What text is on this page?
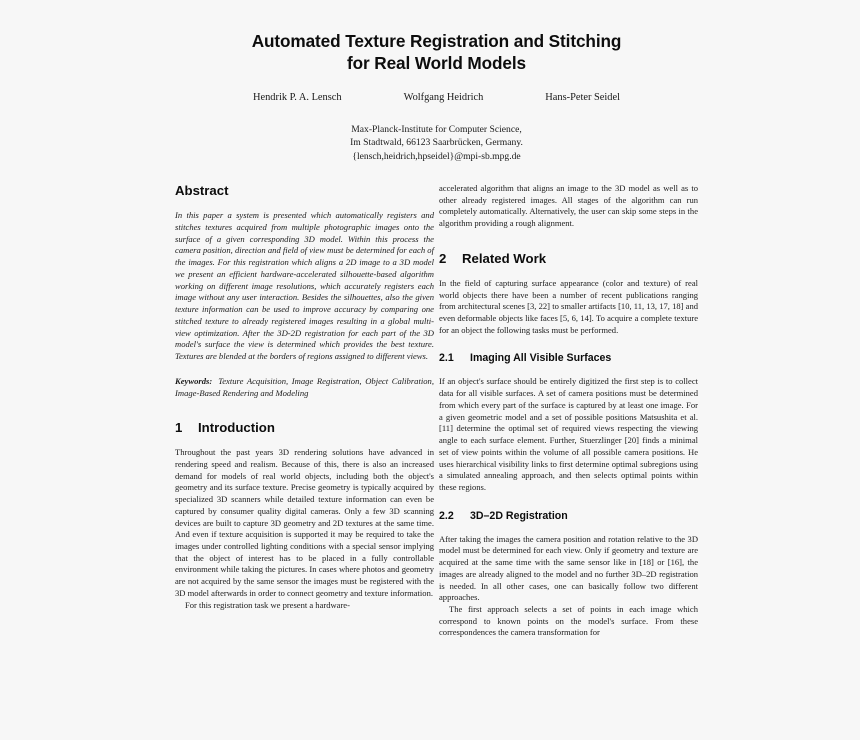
Automated Texture Registration and Stitching
for Real World Models
Hendrik P. A. Lensch	Wolfgang Heidrich	Hans-Peter Seidel
Max-Planck-Institute for Computer Science,
Im Stadtwald, 66123 Saarbrücken, Germany.
{lensch,heidrich,hpseidel}@mpi-sb.mpg.de
Abstract

In this paper a system is presented which automatically registers and stitches textures acquired from multiple photographic images onto the surface of a given corresponding 3D model. Within this process the camera position, direction and field of view must be determined for each of the images. For this registration which aligns a 2D image to a 3D model we present an efficient hardware-accelerated silhouette-based algorithm working on different image resolutions, which accurately registers each image without any user interaction. Besides the silhouettes, also the given texture information can be used to improve accuracy by comparing one stitched texture to already registered images resulting in a global multi-view optimization. After the 3D-2D registration for each part of the 3D model's surface the view is determined which provides the best texture. Textures are blended at the borders of regions assigned to different views.

Keywords: Texture Acquisition, Image Registration, Object Calibration, Image-Based Rendering and Modeling

1	Introduction

Throughout the past years 3D rendering solutions have advanced in rendering speed and realism. Because of this, there is also an increased demand for models of real world objects, including both the object's geometry and its surface texture. Precise geometry is typically acquired by specialized 3D scanners while detailed texture information can even be captured by consumer quality digital cameras. Only a few 3D scanning devices are built to capture 3D geometry and 2D textures at the same time. And even if texture acquisition is supported it may be required to take the images under controlled lighting conditions with a special sensor implying that the object of interest has to be placed in a fully controllable environment while taking the pictures. In cases where photos and geometry are not acquired by the same sensor the images must be registered with the 3D model afterwards in order to connect geometry and texture information.

For this registration task we present a hardware-

accelerated algorithm that aligns an image to the 3D model as well as to other already registered images. All stages of the algorithm can run completely automatically. Alternatively, the user can skip some steps in the algorithm providing a rough alignment.

2	Related Work

In the field of capturing surface appearance (color and texture) of real world objects there have been a number of recent publications ranging from architectural scenes [3, 22] to smaller artifacts [10, 11, 13, 17, 18] and even deformable objects like faces [5, 6, 14]. To acquire a complete texture for an object the following tasks must be performed.

2.1	Imaging All Visible Surfaces

If an object's surface should be entirely digitized the first step is to collect data for all visible surfaces. A set of camera positions must be determined from which every part of the surface is captured by at least one image. For a given geometric model and a set of possible positions Matsushita et al. [11] determine the optimal set of required views respecting the viewing angle to each surface element. Further, Stuerzlinger [20] finds a minimal set of view points within the volume of all possible camera positions. He uses hierarchical visibility links to first determine optimal subregions using a simulated annealing approach, and then selects optimal points within these regions.

2.2	3D–2D Registration

After taking the images the camera position and rotation relative to the 3D model must be determined for each view. Only if geometry and texture are acquired at the same time with the same sensor like in [18] or [16], the images are already aligned to the model and no further 3D–2D registration is needed. In all other cases, one can basically follow two different approaches.

The first approach selects a set of points in each image which correspond to known points on the model's surface. From these correspondences the camera transformation for
